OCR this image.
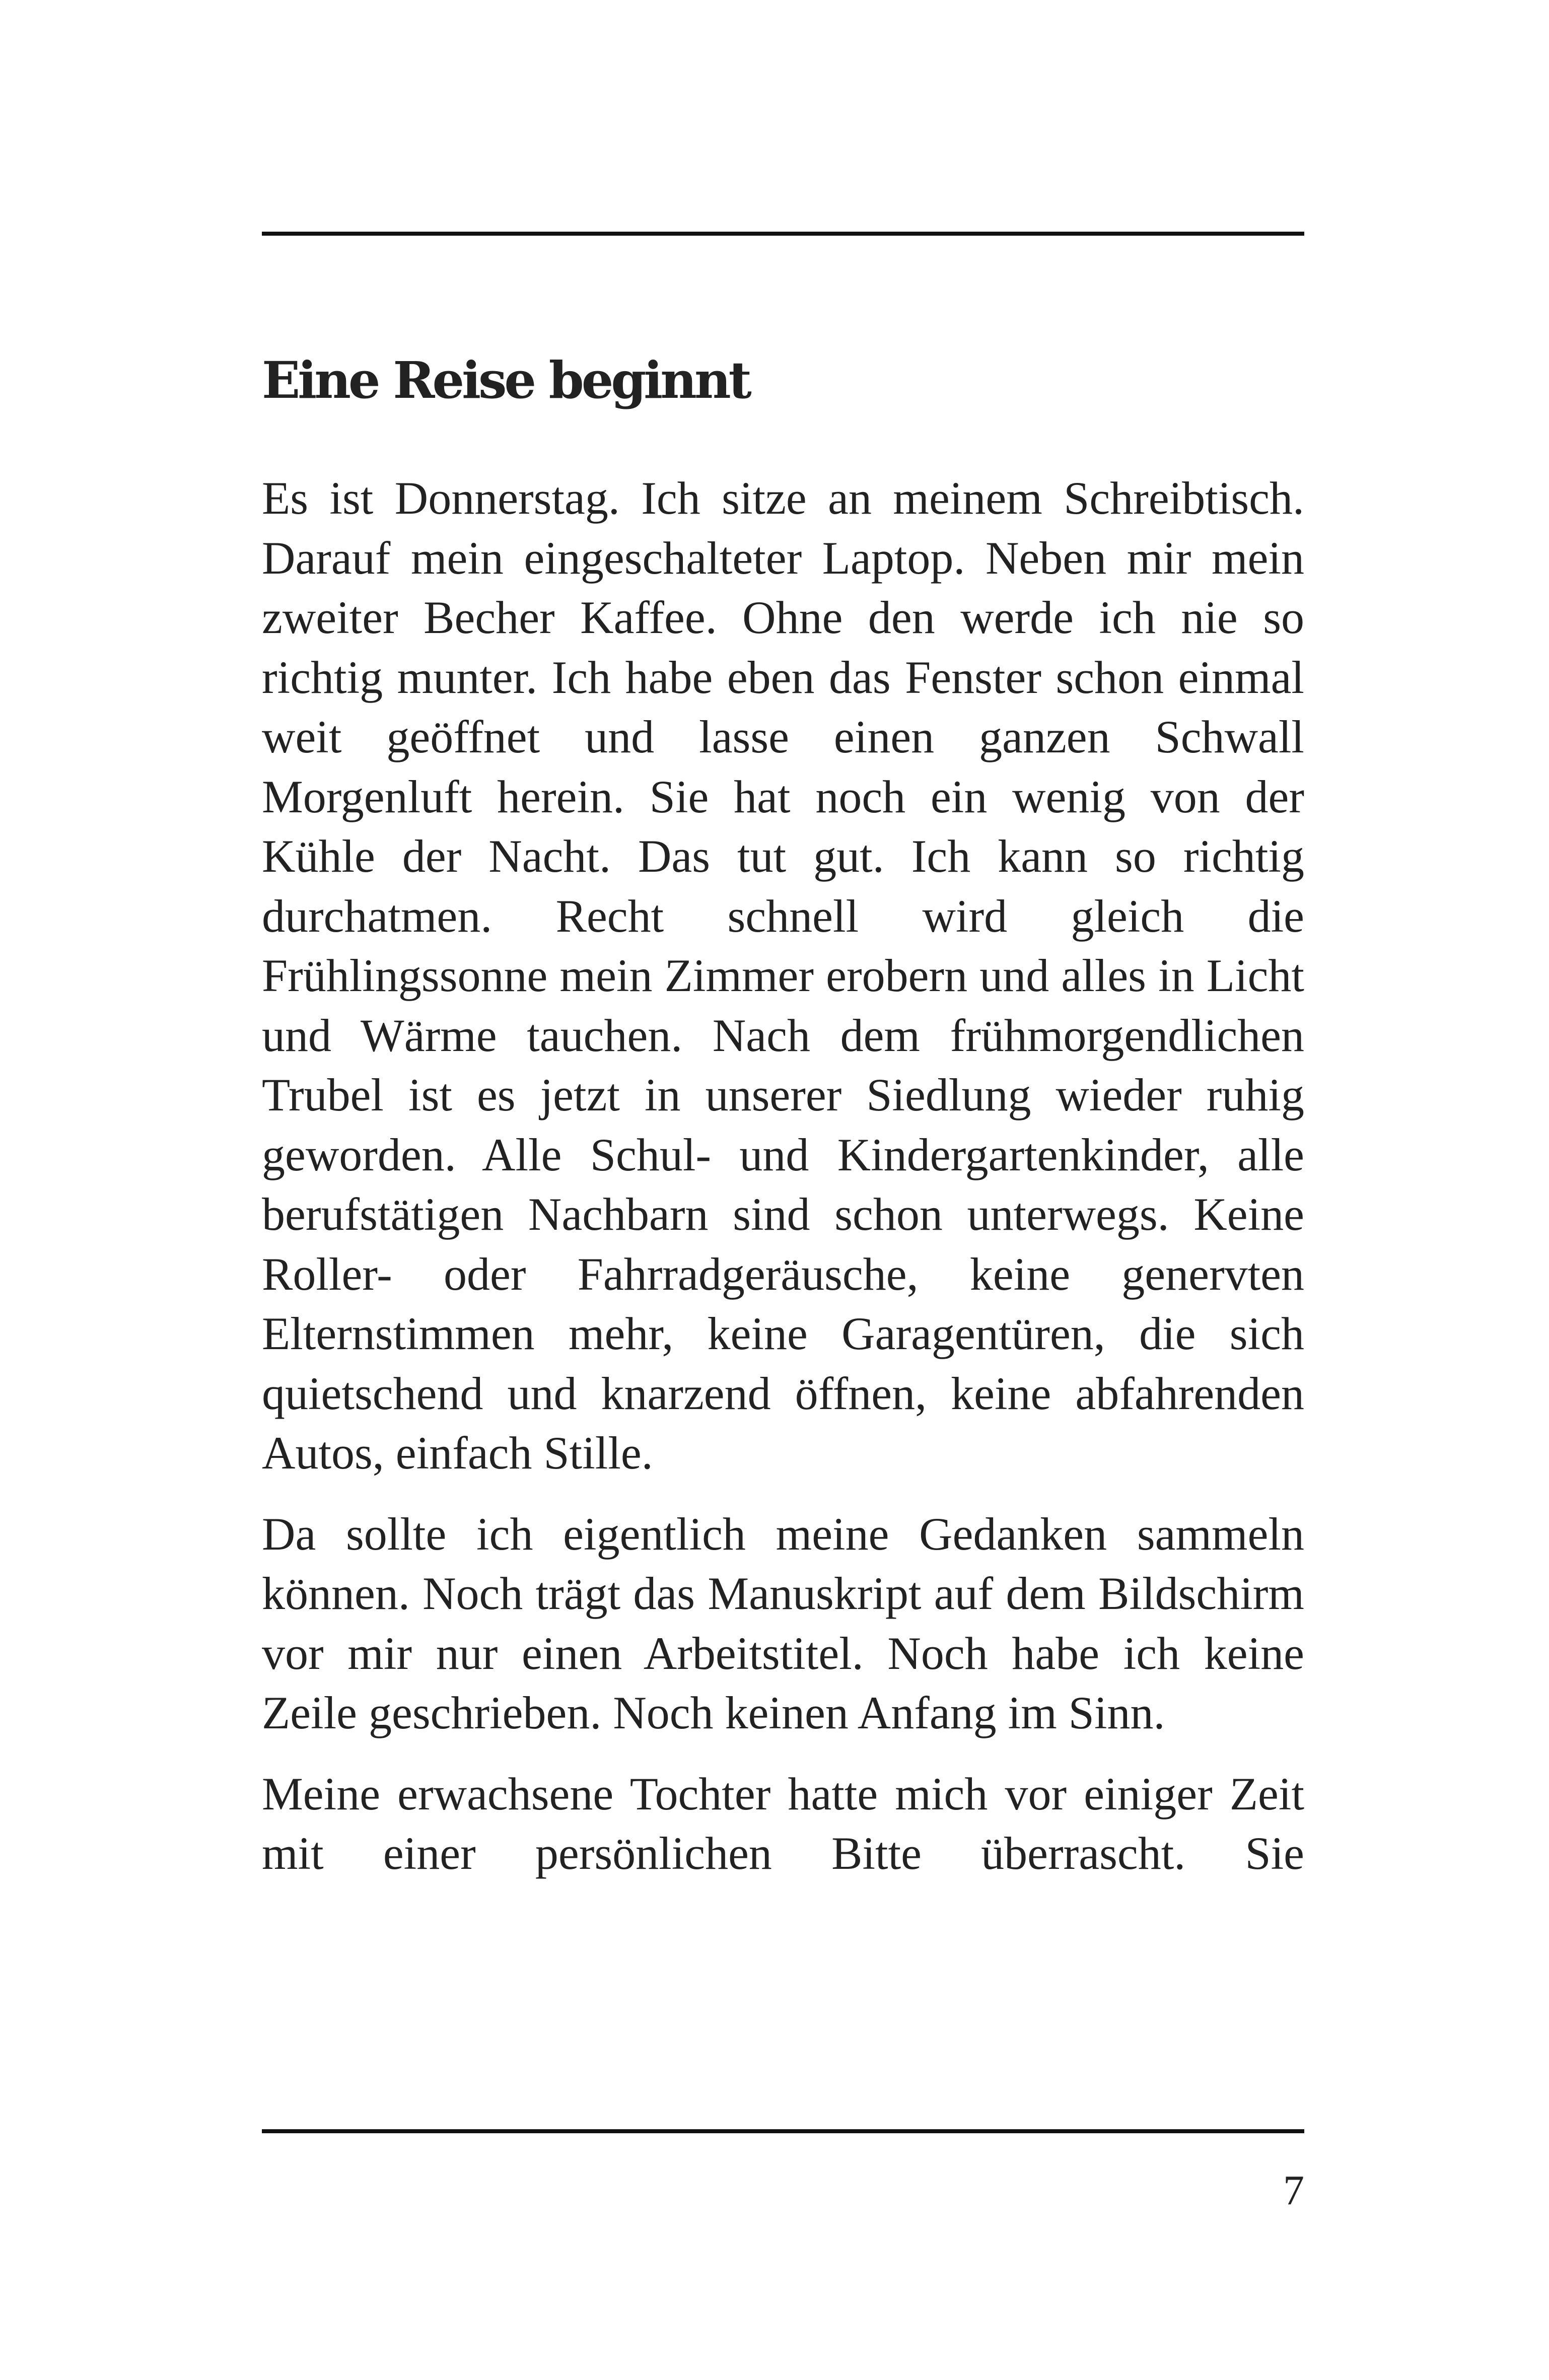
Eine Reise beginnt

Es ist Donnerstag. Ich sitze an meinem Schreibtisch. Darauf mein eingeschalteter Laptop. Neben mir mein zweiter Becher Kaffee. Ohne den werde ich nie so richtig munter. Ich habe eben das Fenster schon einmal weit geöffnet und lasse einen ganzen Schwall Morgenluft herein. Sie hat noch ein wenig von der Kühle der Nacht. Das tut gut. Ich kann so richtig durchatmen. Recht schnell wird gleich die Frühlingssonne mein Zimmer erobern und alles in Licht und Wärme tauchen. Nach dem frühmorgendlichen Trubel ist es jetzt in unserer Siedlung wieder ruhig geworden. Alle Schul- und Kindergartenkinder, alle berufstätigen Nachbarn sind schon unterwegs. Keine Roller- oder Fahrradgeräusche, keine genervten Elternstimmen mehr, keine Garagentüren, die sich quietschend und knarzend öffnen, keine abfahrenden Autos, einfach Stille.

Da sollte ich eigentlich meine Gedanken sammeln können. Noch trägt das Manuskript auf dem Bildschirm vor mir nur einen Arbeitstitel. Noch habe ich keine Zeile geschrieben. Noch keinen Anfang im Sinn.

Meine erwachsene Tochter hatte mich vor einiger Zeit mit einer persönlichen Bitte überrascht. Sie

7
